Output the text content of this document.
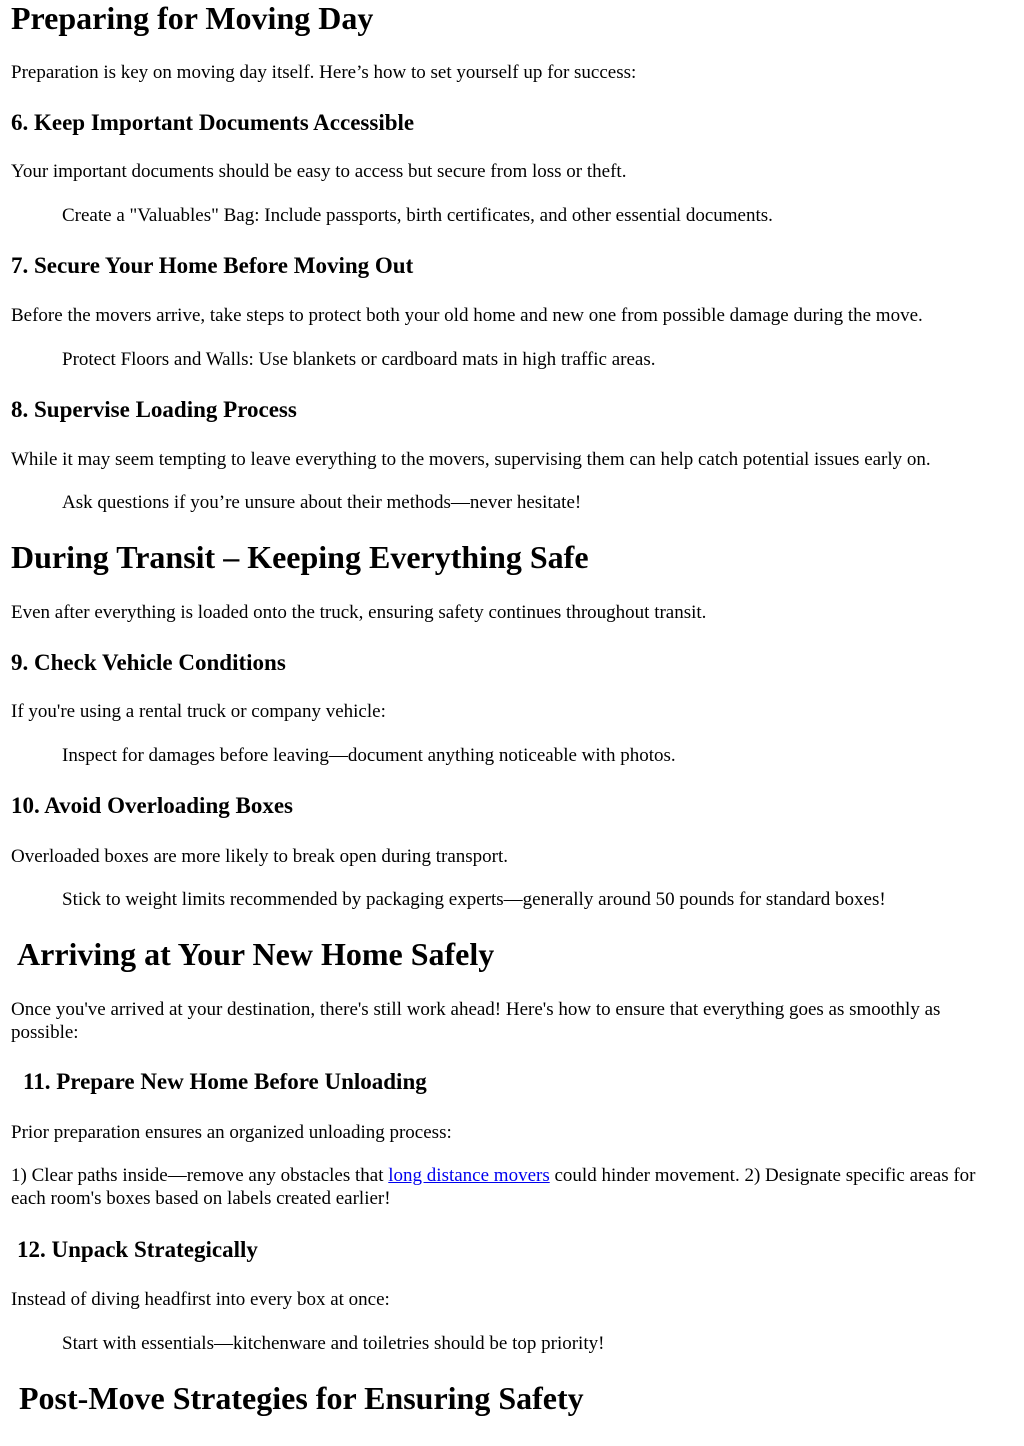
Preparing for Moving Day

Preparation is key on moving day itself. Here’s how to set yourself up for success:

6. Keep Important Documents Accessible

Your important documents should be easy to access but secure from loss or theft.

Create a "Valuables" Bag: Include passports, birth certificates, and other essential documents.

7. Secure Your Home Before Moving Out

Before the movers arrive, take steps to protect both your old home and new one from possible damage during the move.

Protect Floors and Walls: Use blankets or cardboard mats in high traffic areas.

8. Supervise Loading Process

While it may seem tempting to leave everything to the movers, supervising them can help catch potential issues early on.

Ask questions if you’re unsure about their methods—never hesitate!

During Transit – Keeping Everything Safe

Even after everything is loaded onto the truck, ensuring safety continues throughout transit.

9. Check Vehicle Conditions

If you're using a rental truck or company vehicle:

Inspect for damages before leaving—document anything noticeable with photos.

10. Avoid Overloading Boxes

Overloaded boxes are more likely to break open during transport.

Stick to weight limits recommended by packaging experts—generally around 50 pounds for standard boxes!

Arriving at Your New Home Safely

Once you've arrived at your destination, there's still work ahead! Here's how to ensure that everything goes as smoothly as possible:

11. Prepare New Home Before Unloading

Prior preparation ensures an organized unloading process:

1) Clear paths inside—remove any obstacles that long distance movers could hinder movement. 2) Designate specific areas for each room's boxes based on labels created earlier!

12. Unpack Strategically

Instead of diving headfirst into every box at once:

Start with essentials—kitchenware and toiletries should be top priority!

Post-Move Strategies for Ensuring Safety
